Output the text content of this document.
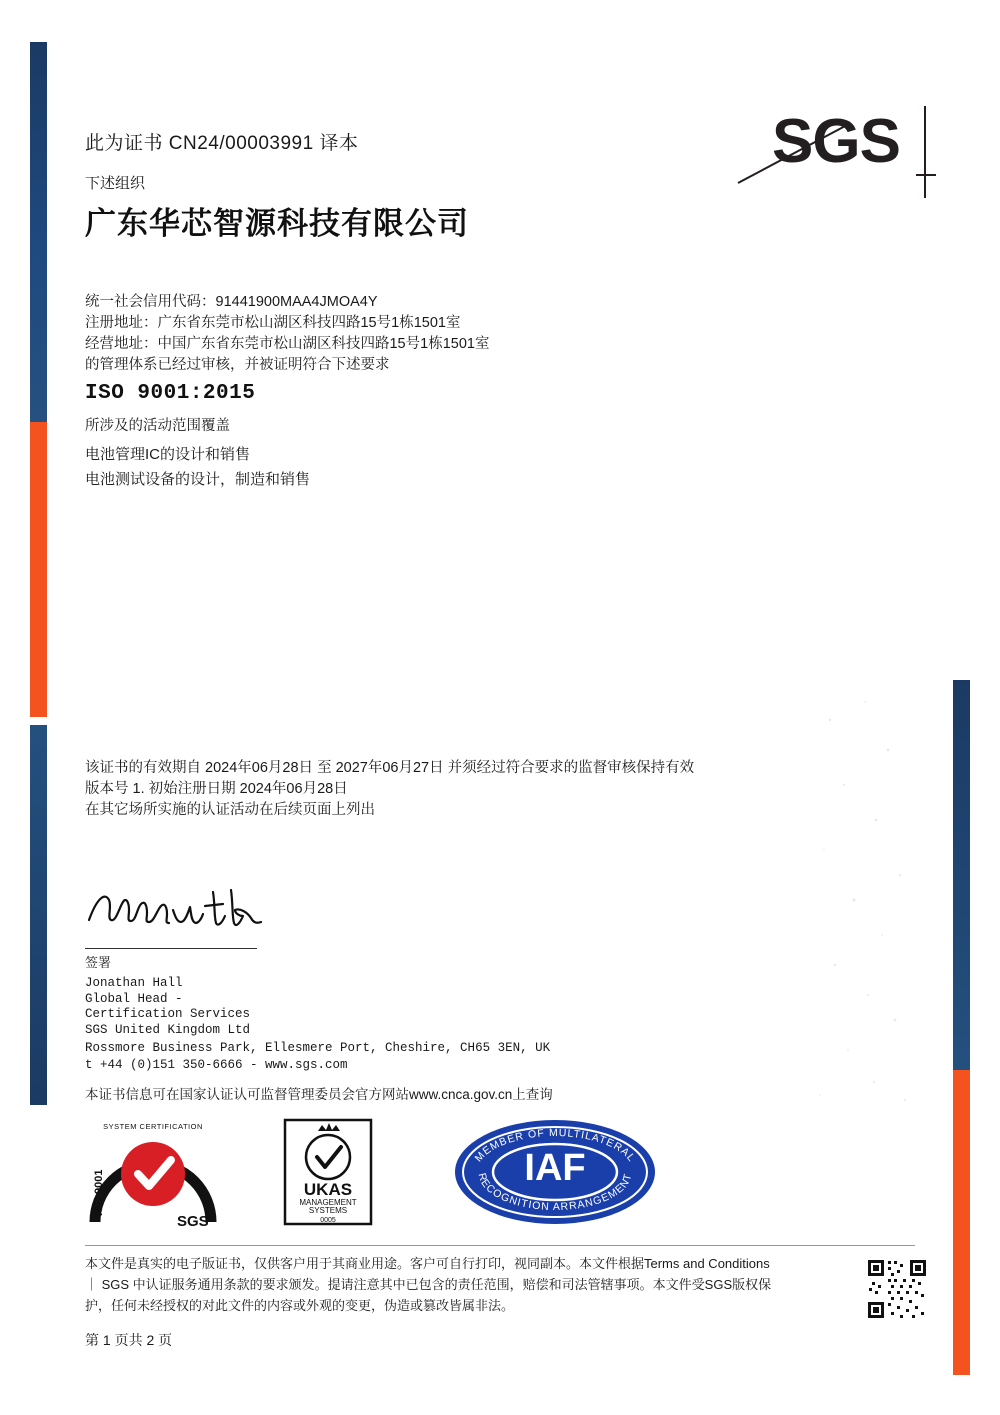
SGS
此为证书 CN24/00003991 译本
下述组织
广东华芯智源科技有限公司
统一社会信用代码：91441900MAA4JMOA4Y
注册地址：广东省东莞市松山湖区科技四路15号1栋1501室
经营地址：中国广东省东莞市松山湖区科技四路15号1栋1501室
的管理体系已经过审核，并被证明符合下述要求
ISO 9001:2015
所涉及的活动范围覆盖
电池管理IC的设计和销售
电池测试设备的设计，制造和销售
该证书的有效期自 2024年06月28日 至 2027年06月27日 并须经过符合要求的监督审核保持有效
版本号 1. 初始注册日期 2024年06月28日
在其它场所实施的认证活动在后续页面上列出
签署
Jonathan Hall
Global Head -
Certification Services
SGS United Kingdom Ltd
Rossmore Business Park, Ellesmere Port, Cheshire, CH65 3EN, UK
t +44 (0)151 350-6666 - www.sgs.com
本证书信息可在国家认证认可监督管理委员会官方网站www.cnca.gov.cn上查询
SYSTEM CERTIFICATION
ISO 9001
SGS
UKAS
MANAGEMENT
SYSTEMS
0005
IAF
MEMBER OF MULTILATERAL
RECOGNITION ARRANGEMENT
本文件是真实的电子版证书，仅供客户用于其商业用途。客户可自行打印，视同副本。本文件根据Terms and Conditions ｜ SGS 中认证服务通用条款的要求颁发。提请注意其中已包含的责任范围，赔偿和司法管辖事项。本文件受SGS版权保护，任何未经授权的对此文件的内容或外观的变更，伪造或篡改皆属非法。
第 1 页共 2 页
